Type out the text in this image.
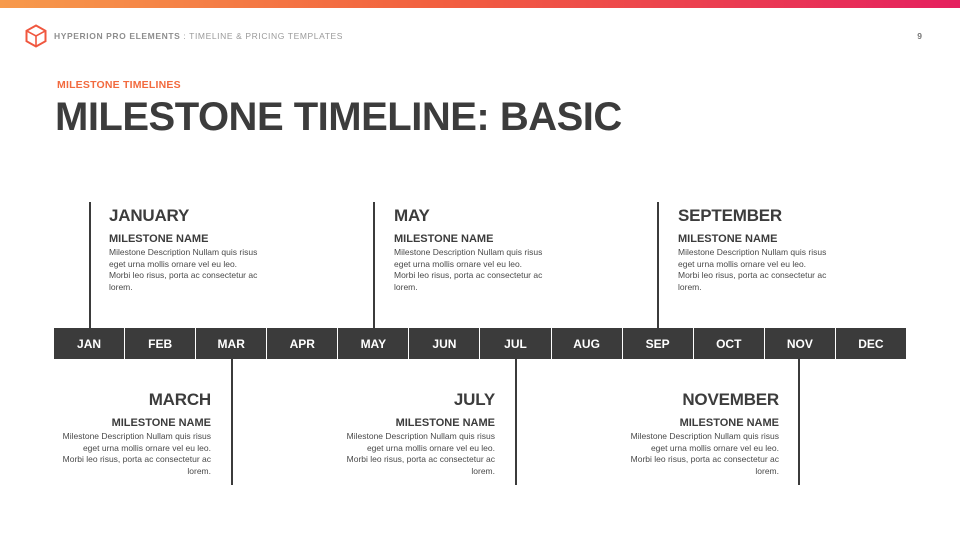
HYPERION PRO ELEMENTS : TIMELINE & PRICING TEMPLATES	9
MILESTONE TIMELINES
MILESTONE TIMELINE: BASIC
JANUARY
MILESTONE NAME
Milestone Description Nullam quis risus eget urna mollis ornare vel eu leo. Morbi leo risus, porta ac consectetur ac lorem.
MAY
MILESTONE NAME
Milestone Description Nullam quis risus eget urna mollis ornare vel eu leo. Morbi leo risus, porta ac consectetur ac lorem.
SEPTEMBER
MILESTONE NAME
Milestone Description Nullam quis risus eget urna mollis ornare vel eu leo. Morbi leo risus, porta ac consectetur ac lorem.
JAN	FEB	MAR	APR	MAY	JUN	JUL	AUG	SEP	OCT	NOV	DEC
MARCH
MILESTONE NAME
Milestone Description Nullam quis risus eget urna mollis ornare vel eu leo. Morbi leo risus, porta ac consectetur ac lorem.
JULY
MILESTONE NAME
Milestone Description Nullam quis risus eget urna mollis ornare vel eu leo. Morbi leo risus, porta ac consectetur ac lorem.
NOVEMBER
MILESTONE NAME
Milestone Description Nullam quis risus eget urna mollis ornare vel eu leo. Morbi leo risus, porta ac consectetur ac lorem.
